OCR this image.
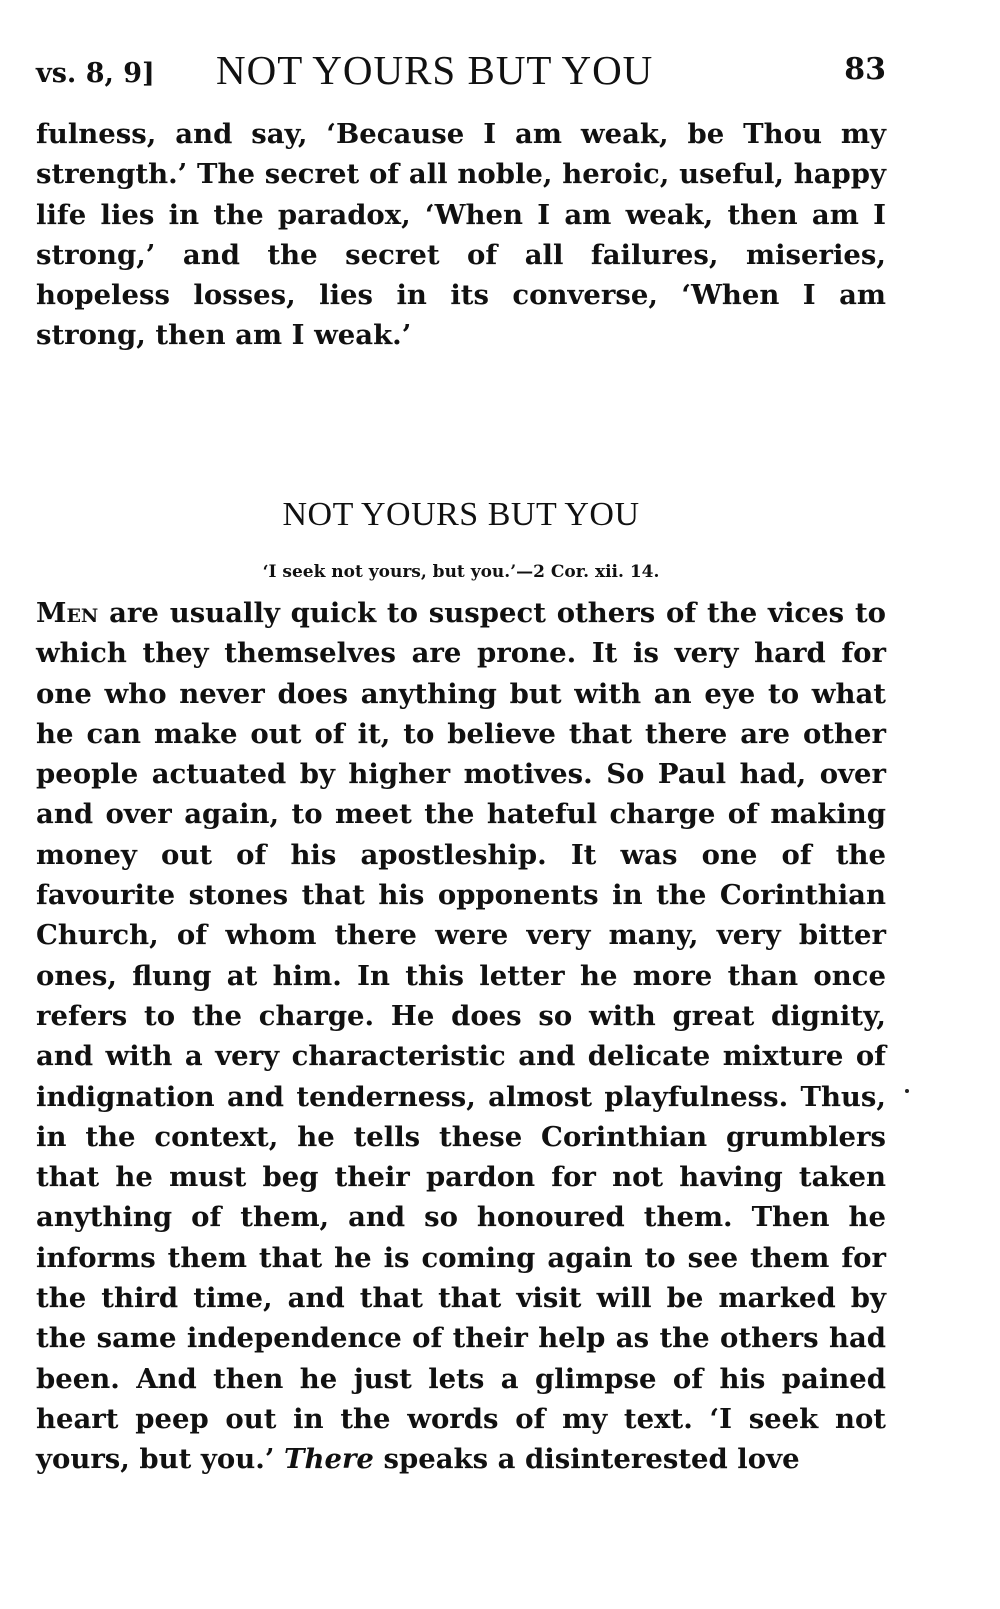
vs. 8, 9] NOT YOURS BUT YOU	83

fulness, and say, ‘Because I am weak, be Thou my strength.’ The secret of all noble, heroic, useful, happy life lies in the paradox, ‘When I am weak, then am I strong,’ and the secret of all failures, miseries, hopeless losses, lies in its converse, ‘When I am strong, then am I weak.’

NOT YOURS BUT YOU

‘I seek not yours, but you.’—2 Cor. xii. 14.

Men are usually quick to suspect others of the vices to which they themselves are prone. It is very hard for one who never does anything but with an eye to what he can make out of it, to believe that there are other people actuated by higher motives. So Paul had, over and over again, to meet the hateful charge of making money out of his apostleship. It was one of the favourite stones that his opponents in the Corinthian Church, of whom there were very many, very bitter ones, flung at him. In this letter he more than once refers to the charge. He does so with great dignity, and with a very characteristic and delicate mixture of indignation and tenderness, almost playfulness. Thus, in the context, he tells these Corinthian grumblers that he must beg their pardon for not having taken anything of them, and so honoured them. Then he informs them that he is coming again to see them for the third time, and that that visit will be marked by the same independence of their help as the others had been. And then he just lets a glimpse of his pained heart peep out in the words of my text. ‘I seek not yours, but you.’ There speaks a disinterested love
